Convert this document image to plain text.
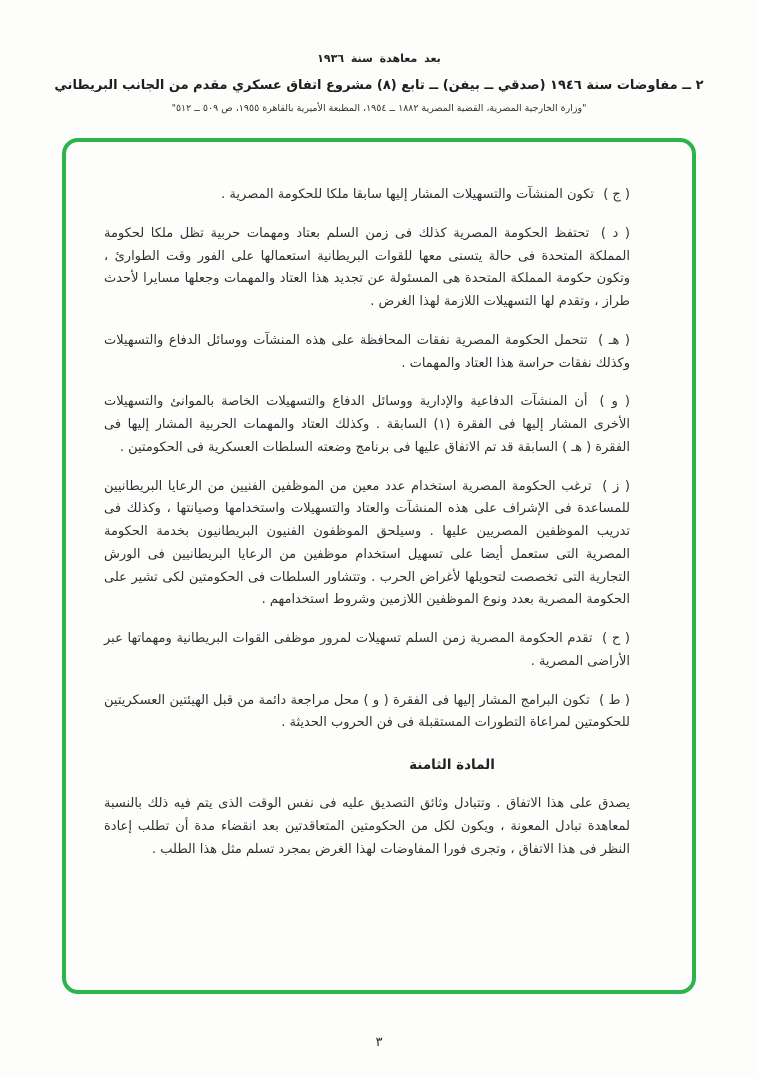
بعد معاهدة سنة ١٩٣٦
٢ ــ مفاوضات سنة ١٩٤٦ (صدقي ــ بيفن) ــ تابع (٨) مشروع اتفاق عسكري مقدم من الجانب البريطاني
"وزارة الخارجية المصرية، القضية المصرية ١٨٨٢ ــ ١٩٥٤، المطبعة الأميرية بالقاهرة ١٩٥٥، ص ٥٠٩ ــ ٥١٢"
( ج ) تكون المنشآت والتسهيلات المشار إليها سابقا ملكا للحكومة المصرية .
( د ) تحتفظ الحكومة المصرية كذلك فى زمن السلم بعتاد ومهمات حربية تظل ملكا لحكومة المملكة المتحدة فى حالة يتسنى معها للقوات البريطانية استعمالها على الفور وقت الطوارئ ، وتكون حكومة المملكة المتحدة هى المسئولة عن تجديد هذا العتاد والمهمات وجعلها مسايرا لأحدث طراز ، وتقدم لها التسهيلات اللازمة لهذا الغرض .
( هـ ) تتحمل الحكومة المصرية نفقات المحافظة على هذه المنشآت ووسائل الدفاع والتسهيلات وكذلك نفقات حراسة هذا العتاد والمهمات .
( و ) أن المنشآت الدفاعية والإدارية ووسائل الدفاع والتسهيلات الخاصة بالموانئ والتسهيلات الأخرى المشار إليها فى الفقرة (١) السابقة . وكذلك العتاد والمهمات الحربية المشار إليها فى الفقرة ( هـ ) السابقة قد تم الاتفاق عليها فى برنامج وضعته السلطات العسكرية فى الحكومتين .
( ز ) ترغب الحكومة المصرية استخدام عدد معين من الموظفين الفنيين من الرعايا البريطانيين للمساعدة فى الإشراف على هذه المنشآت والعتاد والتسهيلات واستخدامها وصيانتها ، وكذلك فى تدريب الموظفين المصريين عليها . وسيلحق الموظفون الفنيون البريطانيون بخدمة الحكومة المصرية التى ستعمل أيضا على تسهيل استخدام موظفين من الرعايا البريطانيين فى الورش التجارية التى تخصصت لتحويلها لأغراض الحرب . وتتشاور السلطات فى الحكومتين لكى تشير على الحكومة المصرية بعدد ونوع الموظفين اللازمين وشروط استخدامهم .
( ح ) تقدم الحكومة المصرية زمن السلم تسهيلات لمرور موظفى القوات البريطانية ومهماتها عبر الأراضى المصرية .
( ط ) تكون البرامج المشار إليها فى الفقرة ( و ) محل مراجعة دائمة من قبل الهيئتين العسكريتين للحكومتين لمراعاة التطورات المستقبلة فى فن الحروب الحديثة .
المادة الثامنة
يصدق على هذا الاتفاق . وتتبادل وثائق التصديق عليه فى نفس الوقت الذى يتم فيه ذلك بالنسبة لمعاهدة تبادل المعونة ، ويكون لكل من الحكومتين المتعاقدتين بعد انقضاء مدة أن تطلب إعادة النظر فى هذا الاتفاق ، وتجرى فورا المفاوضات لهذا الغرض بمجرد تسلم مثل هذا الطلب .
٣
